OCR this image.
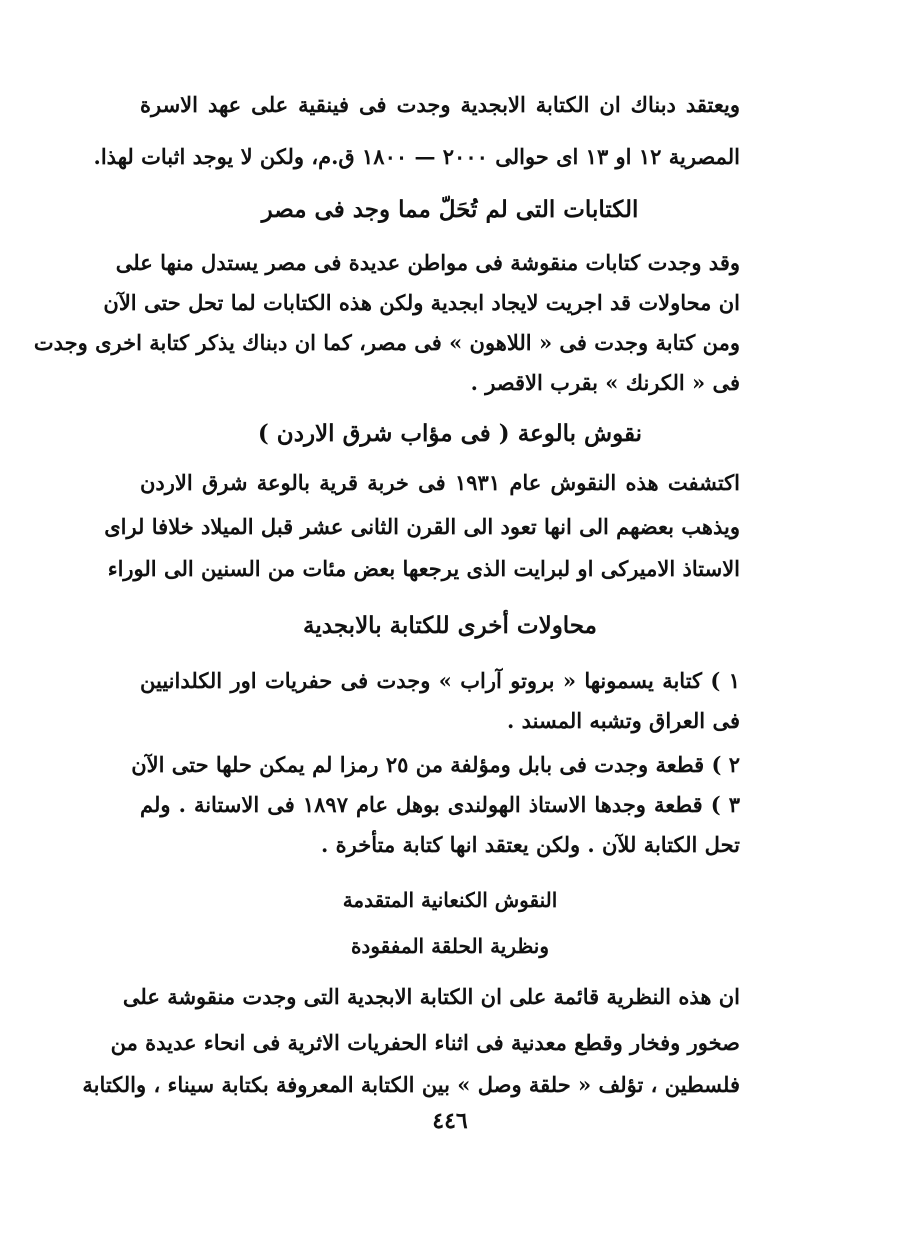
ويعتقد دبناك ان الكتابة الابجدية وجدت فى فينقية على عهد الاسرة
المصرية ١٢ او ١٣ اى حوالى ٢٠٠٠ — ١٨٠٠ ق.م، ولكن لا يوجد اثبات لهذا.
الكتابات التى لم تُحَلّ مما وجد فى مصر
وقد وجدت كتابات منقوشة فى مواطن عديدة فى مصر يستدل منها على
ان محاولات قد اجريت لايجاد ابجدية ولكن هذه الكتابات لما تحل حتى الآن
ومن كتابة وجدت فى « اللاهون » فى مصر، كما ان دبناك يذكر كتابة اخرى وجدت
فى « الكرنك » بقرب الاقصر .
نقوش بالوعة ( فى مؤاب شرق الاردن )
اكتشفت هذه النقوش عام ١٩٣١ فى خربة قرية بالوعة شرق الاردن
ويذهب بعضهم الى انها تعود الى القرن الثانى عشر قبل الميلاد خلافا لراى
الاستاذ الاميركى او لبرايت الذى يرجعها بعض مئات من السنين الى الوراء
محاولات أخرى للكتابة بالابجدية
١ ) كتابة يسمونها « بروتو آراب » وجدت فى حفريات اور الكلدانيين
فى العراق وتشبه المسند .
٢ ) قطعة وجدت فى بابل ومؤلفة من ٢٥ رمزا لم يمكن حلها حتى الآن
٣ ) قطعة وجدها الاستاذ الهولندى بوهل عام ١٨٩٧ فى الاستانة . ولم
تحل الكتابة للآن . ولكن يعتقد انها كتابة متأخرة .
النقوش الكنعانية المتقدمة
ونظرية الحلقة المفقودة
ان هذه النظرية قائمة على ان الكتابة الابجدية التى وجدت منقوشة على
صخور وفخار وقطع معدنية فى اثناء الحفريات الاثرية فى انحاء عديدة من
فلسطين ، تؤلف « حلقة وصل » بين الكتابة المعروفة بكتابة سيناء ، والكتابة
٤٤٦
